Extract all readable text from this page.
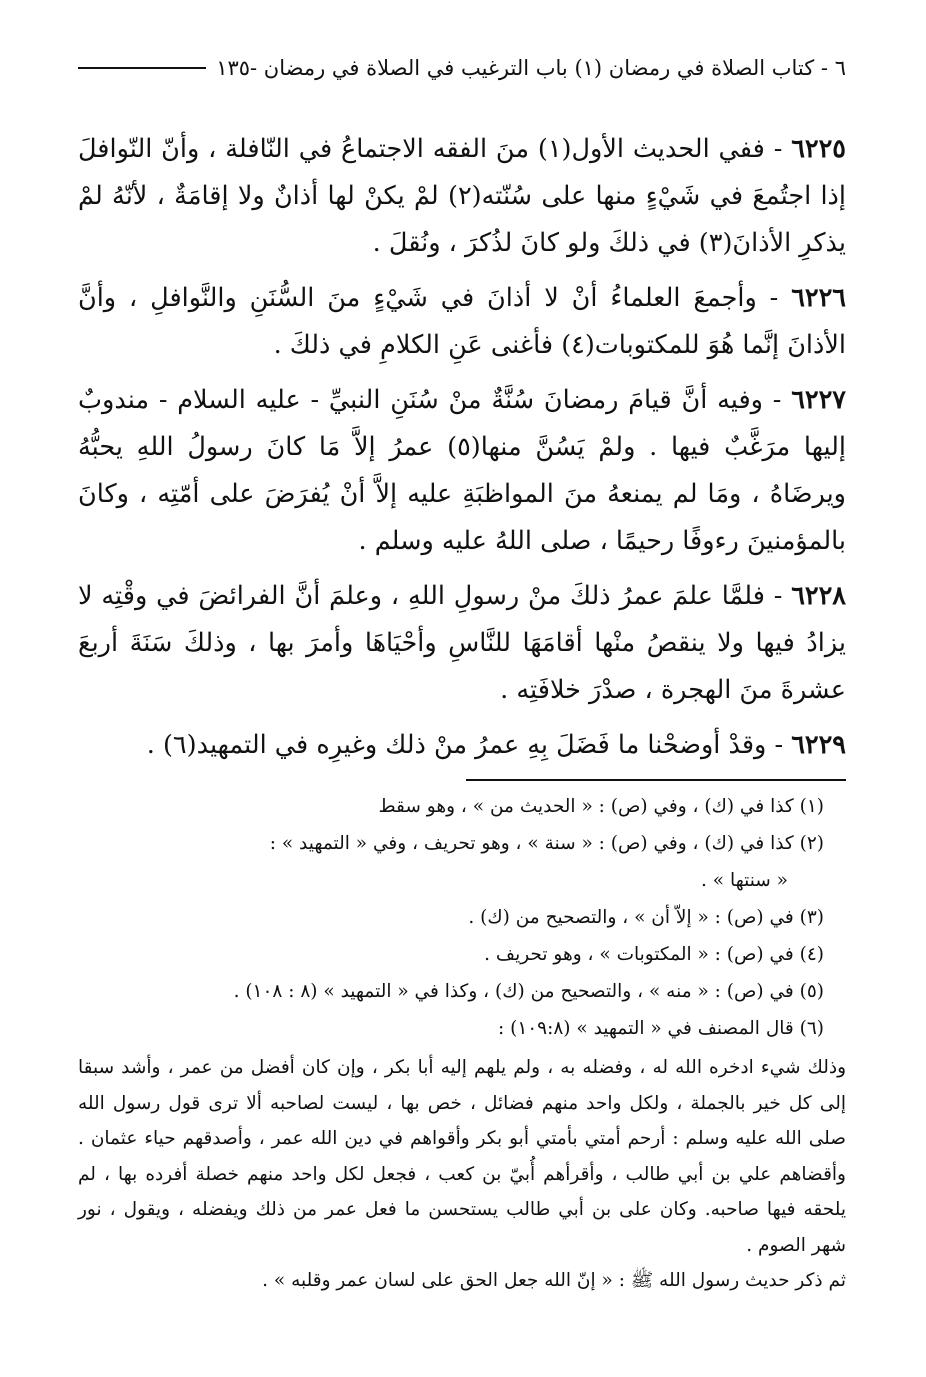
٦ - كتاب الصلاة في رمضان (١) باب الترغيب في الصلاة في رمضان -١٣٥

٦٢٢٥ - ففي الحديث الأول(١) منَ الفقه الاجتماعُ في النّافلة ، وأنّ النّوافلَ إذا اجتُمعَ في شَيْءٍ منها على سُنّته(٢) لمْ يكنْ لها أذانٌ ولا إقامَةٌ ، لأنّهُ لمْ يذكرِ الأذانَ(٣) في ذلكَ ولو كانَ لذُكرَ ، ونُقلَ .

٦٢٢٦ - وأجمعَ العلماءُ أنْ لا أذانَ في شَيْءٍ منَ السُّنَنِ والنَّوافلِ ، وأنَّ الأذانَ إنَّما هُوَ للمكتوبات(٤) فأغنى عَنِ الكلامِ في ذلكَ .

٦٢٢٧ - وفيه أنَّ قيامَ رمضانَ سُنَّةٌ منْ سُنَنِ النبيِّ - عليه السلام - مندوبٌ إليها مرَغَّبٌ فيها . ولمْ يَسُنَّ منها(٥) عمرُ إلاَّ مَا كانَ رسولُ اللهِ يحبُّهُ ويرضَاهُ ، ومَا لم يمنعهُ منَ المواظبَةِ عليه إلاَّ أنْ يُفرَضَ على أمّتِه ، وكانَ بالمؤمنينَ رءوفًا رحيمًا ، صلى اللهُ عليه وسلم .

٦٢٢٨ - فلمَّا علمَ عمرُ ذلكَ منْ رسولِ اللهِ ، وعلمَ أنَّ الفرائضَ في وقْتِه لا يزادُ فيها ولا ينقصُ منْها أقامَهَا للنَّاسِ وأحْيَاهَا وأمرَ بها ، وذلكَ سَنَةَ أربعَ عشرةَ منَ الهجرة ، صدْرَ خلافَتِه .

٦٢٢٩ - وقدْ أوضحْنا ما فَضَلَ بِهِ عمرُ منْ ذلك وغيرِه في التمهيد(٦) .

(١) كذا في (ك) ، وفي (ص) : « الحديث من » ، وهو سقط

(٢) كذا في (ك) ، وفي (ص) : « سنة » ، وهو تحريف ، وفي « التمهيد » :

« سنتها » .

(٣) في (ص) : « إلاّ أن » ، والتصحيح من (ك) .

(٤) في (ص) : « المكتوبات » ، وهو تحريف .

(٥) في (ص) : « منه » ، والتصحيح من (ك) ، وكذا في « التمهيد » (٨ : ١٠٨) .

(٦) قال المصنف في « التمهيد » (١٠٩:٨) :

وذلك شيء ادخره الله له ، وفضله به ، ولم يلهم إليه أبا بكر ، وإن كان أفضل من عمر ، وأشد سبقا إلى كل خير بالجملة ، ولكل واحد منهم فضائل ، خص بها ، ليست لصاحبه ألا ترى قول رسول الله صلى الله عليه وسلم : أرحم أمتي بأمتي أبو بكر وأقواهم في دين الله عمر ، وأصدقهم حياء عثمان . وأقضاهم علي بن أبي طالب ، وأقرأهم أُبيّ بن كعب ، فجعل لكل واحد منهم خصلة أفرده بها ، لم يلحقه فيها صاحبه. وكان على بن أبي طالب يستحسن ما فعل عمر من ذلك ويفضله ، ويقول ، نور شهر الصوم .

ثم ذكر حديث رسول الله ﷺ : « إنّ الله جعل الحق على لسان عمر وقلبه » .
